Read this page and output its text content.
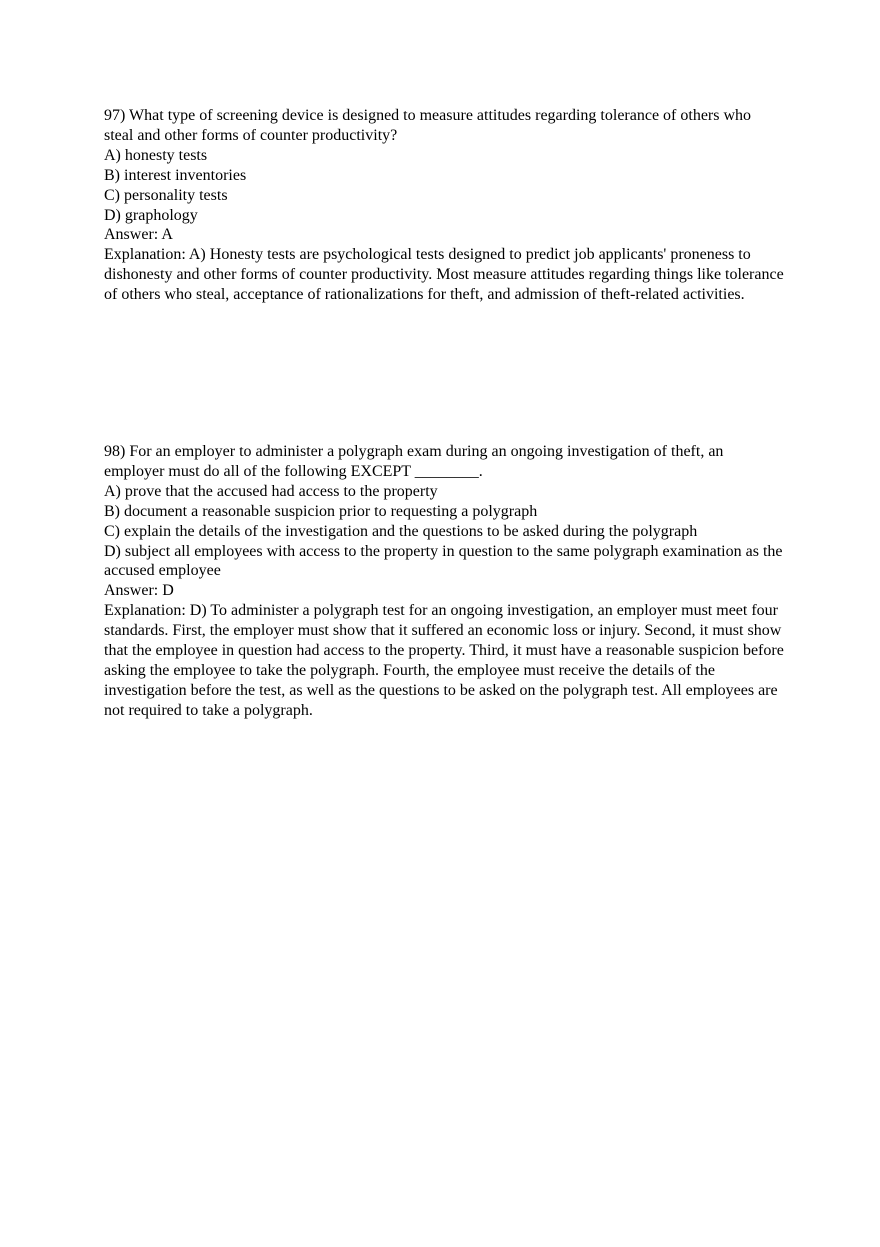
97) What type of screening device is designed to measure attitudes regarding tolerance of others who steal and other forms of counter productivity?

A) honesty tests

B) interest inventories

C) personality tests

D) graphology

Answer: A

Explanation: A) Honesty tests are psychological tests designed to predict job applicants' proneness to dishonesty and other forms of counter productivity. Most measure attitudes regarding things like tolerance of others who steal, acceptance of rationalizations for theft, and admission of theft-related activities.

98) For an employer to administer a polygraph exam during an ongoing investigation of theft, an employer must do all of the following EXCEPT ________.

A) prove that the accused had access to the property

B) document a reasonable suspicion prior to requesting a polygraph

C) explain the details of the investigation and the questions to be asked during the polygraph

D) subject all employees with access to the property in question to the same polygraph examination as the accused employee

Answer: D

Explanation: D) To administer a polygraph test for an ongoing investigation, an employer must meet four standards. First, the employer must show that it suffered an economic loss or injury. Second, it must show that the employee in question had access to the property. Third, it must have a reasonable suspicion before asking the employee to take the polygraph. Fourth, the employee must receive the details of the investigation before the test, as well as the questions to be asked on the polygraph test. All employees are not required to take a polygraph.
